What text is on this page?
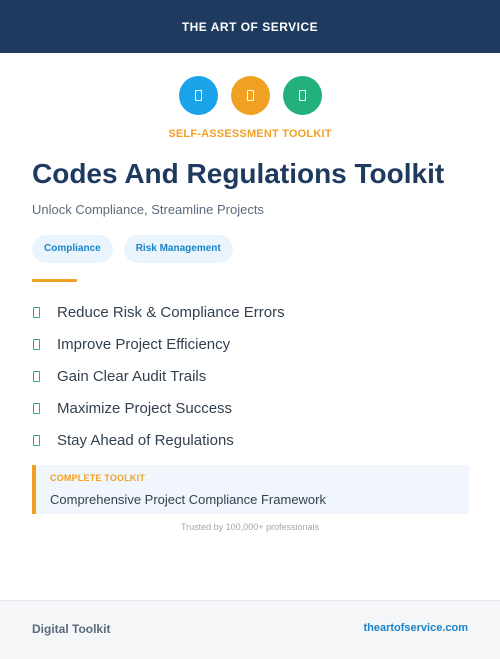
THE ART OF SERVICE
SELF-ASSESSMENT TOOLKIT
Codes And Regulations Toolkit
Unlock Compliance, Streamline Projects
Compliance	Risk Management
Reduce Risk & Compliance Errors
Improve Project Efficiency
Gain Clear Audit Trails
Maximize Project Success
Stay Ahead of Regulations
COMPLETE TOOLKIT
Comprehensive Project Compliance Framework
Trusted by 100,000+ professionals
Digital Toolkit	theartofservice.com
